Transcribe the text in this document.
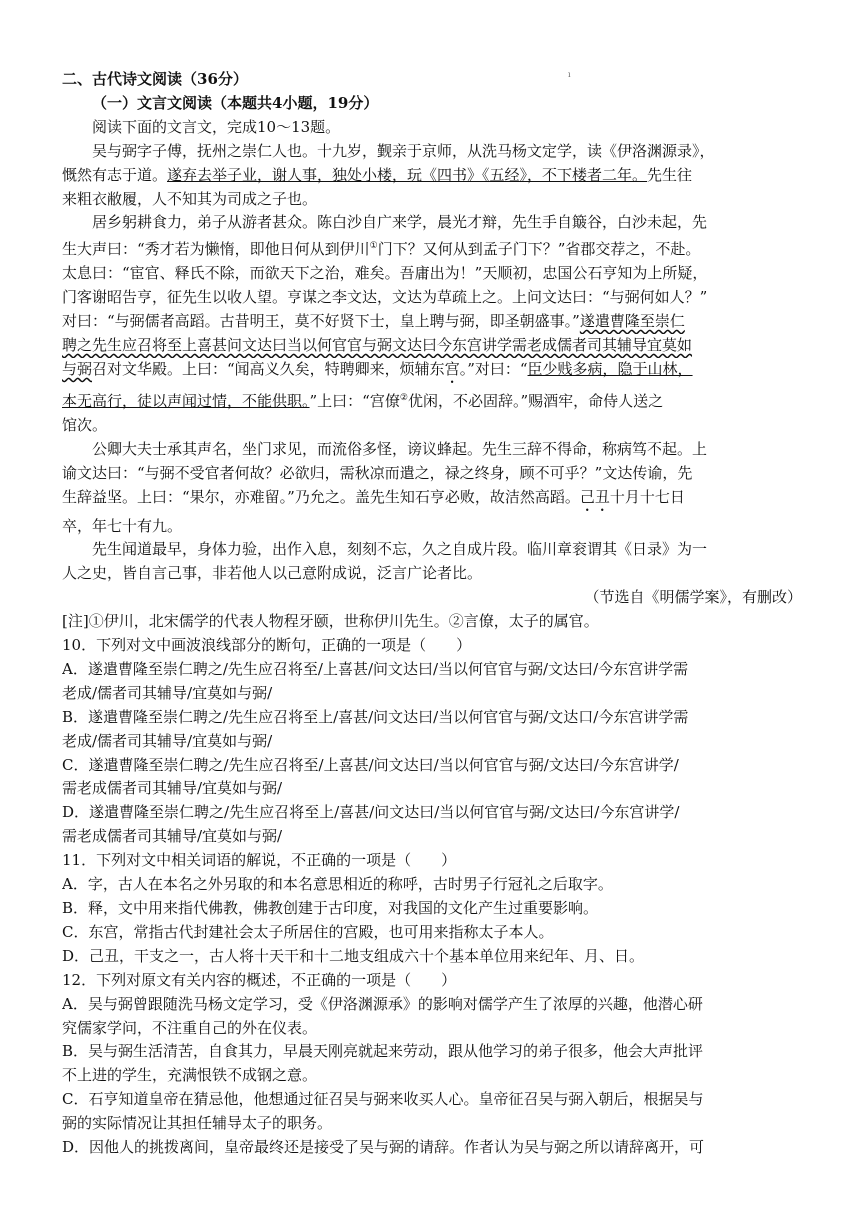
ı
二、古代诗文阅读（36分）
（一）文言文阅读（本题共4小题，19分）
阅读下面的文言文，完成10～13题。
吴与弼字子傅，抚州之崇仁人也。十九岁，觐亲于京师，从洗马杨文定学，读《伊洛渊源录》，
慨然有志于道。遂弃去举子业，谢人事，独处小楼，玩《四书》《五经》，不下楼者二年。先生往
来粗衣敝履，人不知其为司成之子也。
居乡躬耕食力，弟子从游者甚众。陈白沙自广来学，晨光才辩，先生手自簸谷，白沙未起，先
生大声曰：“秀才若为懒惰，即他日何从到伊川①门下？又何从到孟子门下？”省郡交荐之，不赴。
太息曰：“宦官、释氏不除，而欲天下之治，难矣。吾庸出为！”天顺初，忠国公石亨知为上所疑，
门客谢昭告亨，征先生以收人望。亨谋之李文达，文达为草疏上之。上问文达曰：“与弼何如人？”
对曰：“与弼儒者高蹈。古昔明王，莫不好贤下士，皇上聘与弼，即圣朝盛事。”遂遣曹隆至崇仁
聘之先生应召将至上喜甚问文达曰当以何官官与弼文达曰今东宫讲学需老成儒者司其辅导宜莫如
与弼召对文华殿。上曰：“闻高义久矣，特聘卿来，烦辅东宫。”对曰：“臣少贱多病，隐于山林，
本无高行，徒以声闻过情，不能供职。”上曰：“宫僚②优闲，不必固辞。”赐酒牢，命侍人送之
馆次。
公卿大夫士承其声名，坐门求见，而流俗多怪，谤议蜂起。先生三辞不得命，称病笃不起。上
谕文达曰：“与弼不受官者何故？必欲归，需秋凉而遣之，禄之终身，顾不可乎？”文达传谕，先
生辞益坚。上曰：“果尔，亦难留。”乃允之。盖先生知石亨必败，故洁然高蹈。己丑十月十七日
卒，年七十有九。
先生闻道最早，身体力验，出作入息，刻刻不忘，久之自成片段。临川章衮谓其《日录》为一
人之史，皆自言己事，非若他人以己意附成说，泛言广论者比。
（节选自《明儒学案》，有删改）
[注]①伊川，北宋儒学的代表人物程牙颐，世称伊川先生。②言僚，太子的属官。
10．下列对文中画波浪线部分的断句，正确的一项是（　　）
A．遂遣曹隆至崇仁聘之/先生应召将至/上喜甚/问文达曰/当以何官官与弼/文达曰/今东宫讲学需
老成/儒者司其辅导/宜莫如与弼/
B．遂遣曹隆至崇仁聘之/先生应召将至上/喜甚/问文达曰/当以何官官与弼/文达口/今东宫讲学需
老成/儒者司其辅导/宜莫如与弼/
C．遂遣曹隆至崇仁聘之/先生应召将至/上喜甚/问文达曰/当以何官官与弼/文达曰/今东宫讲学/
需老成儒者司其辅导/宜莫如与弼/
D．遂遣曹隆至崇仁聘之/先生应召将至上/喜甚/问文达曰/当以何官官与弼/文达曰/今东宫讲学/
需老成儒者司其辅导/宜莫如与弼/
11．下列对文中相关词语的解说，不正确的一项是（　　）
A．字，古人在本名之外另取的和本名意思相近的称呼，古时男子行冠礼之后取字。
B．释，文中用来指代佛教，佛教创建于古印度，对我国的文化产生过重要影响。
C．东宫，常指古代封建社会太子所居住的宫殿，也可用来指称太子本人。
D．己丑，干支之一，古人将十天干和十二地支组成六十个基本单位用来纪年、月、日。
12．下列对原文有关内容的概述，不正确的一项是（　　）
A．吴与弼曾跟随洗马杨文定学习，受《伊洛渊源承》的影响对儒学产生了浓厚的兴趣，他潜心研
究儒家学问，不注重自己的外在仪表。
B．吴与弼生活清苦，自食其力，早晨天刚亮就起来劳动，跟从他学习的弟子很多，他会大声批评
不上进的学生，充满恨铁不成钢之意。
C．石亨知道皇帝在猜忌他，他想通过征召吴与弼来收买人心。皇帝征召吴与弼入朝后，根据吴与
弼的实际情况让其担任辅导太子的职务。
D．因他人的挑拨离间，皇帝最终还是接受了吴与弼的请辞。作者认为吴与弼之所以请辞离开，可
